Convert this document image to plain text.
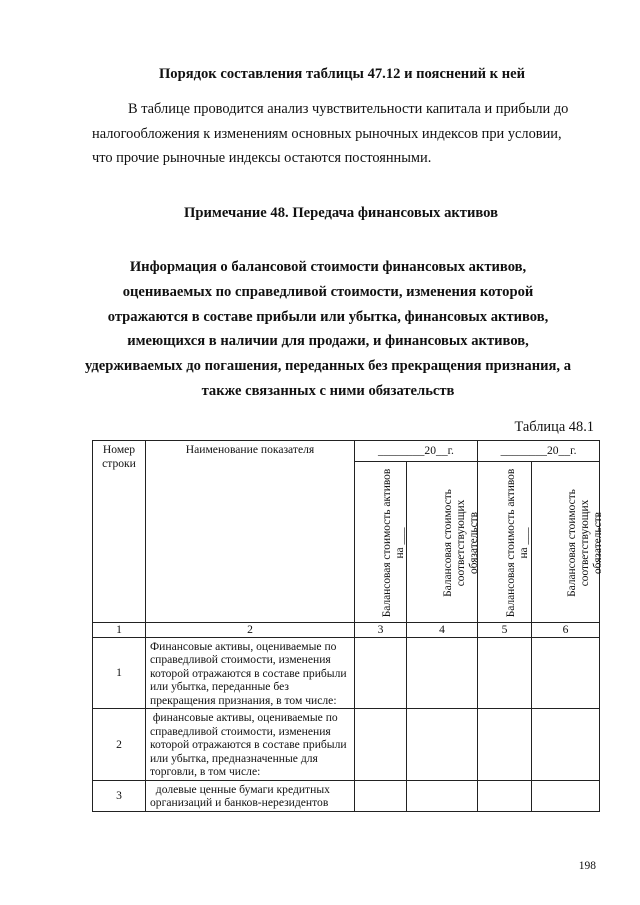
Порядок составления таблицы 47.12 и пояснений к ней
В таблице проводится анализ чувствительности капитала и прибыли до
налогообложения к изменениям основных рыночных индексов при условии,
что прочие рыночные индексы остаются постоянными.
Примечание 48. Передача финансовых активов
Информация о балансовой стоимости финансовых активов,
оцениваемых по справедливой стоимости, изменения которой
отражаются в составе прибыли или убытка, финансовых активов,
имеющихся в наличии для продажи, и финансовых активов,
удерживаемых до погашения, переданных без прекращения признания, а
также связанных с ними обязательств
Таблица 48.1
Номер строки	Наименование показателя	________20__г.		________20__г.	

		Балансовая стоимость активов на ___	Балансовая стоимость соответствующих обязательств	Балансовая стоимость активов на ___	Балансовая стоимость соответствующих обязательств

1	2	3	4	5	6
1	Финансовые активы, оцениваемые по справедливой стоимости, изменения которой отражаются в составе прибыли или убытка, переданные без прекращения признания, в том числе:				
2	финансовые активы, оцениваемые по справедливой стоимости, изменения которой отражаются в составе прибыли или убытка, предназначенные для торговли, в том числе:				
3	долевые ценные бумаги кредитных организаций и банков-нерезидентов				
198
